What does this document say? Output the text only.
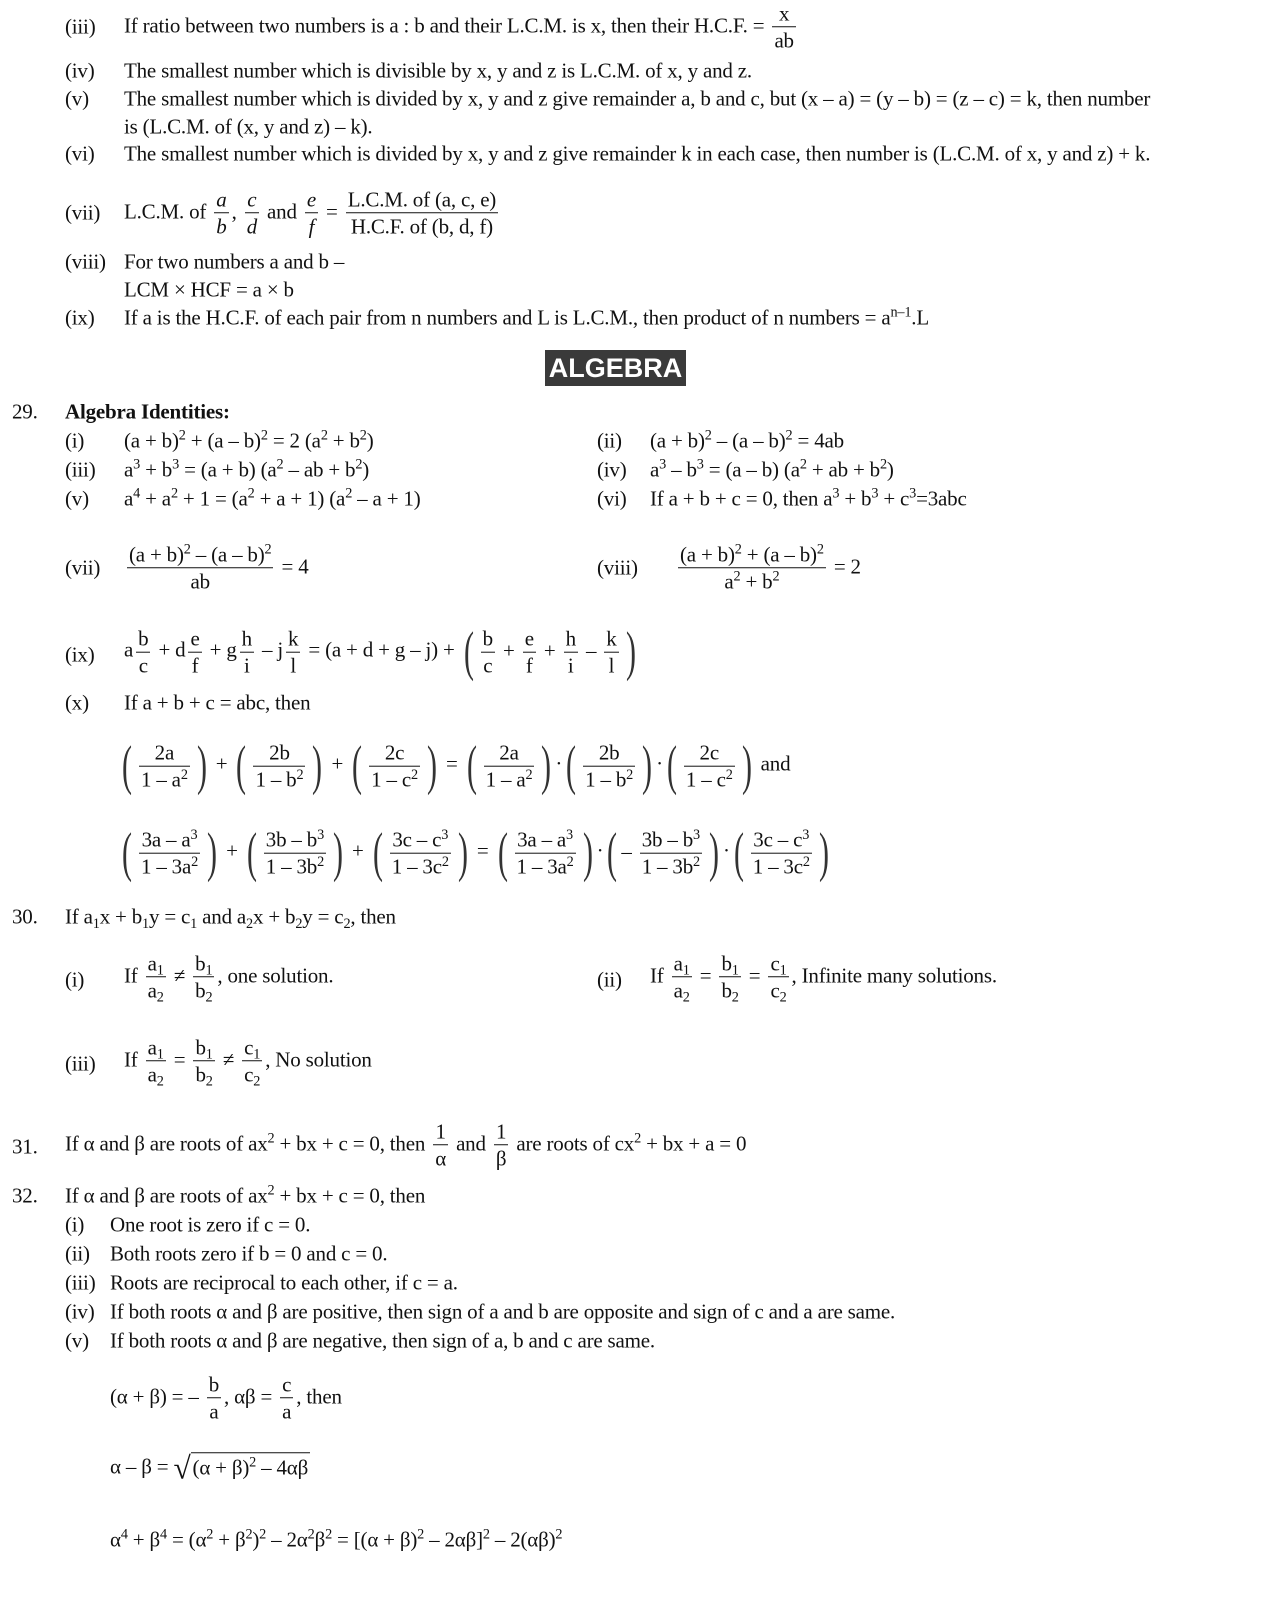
(iii) If ratio between two numbers is a : b and their L.C.M. is x, then their H.C.F. = $\frac{x}{ab}$
(iv) The smallest number which is divisible by x, y and z is L.C.M. of x, y and z.
(v) The smallest number which is divided by x, y and z give remainder a, b and c, but (x – a) = (y – b) = (z – c) = k, then number
is (L.C.M. of (x, y and z) – k).
(vi) The smallest number which is divided by x, y and z give remainder k in each case, then number is (L.C.M. of x, y and z) + k.
(vii) L.C.M. of $\frac{a}{b}$ , $\frac{c}{d}$ and $\frac{e}{f} = \frac{L.C.M. of (a, c, e)}{H.C.F. of (b, d, f)}$
(viii) For two numbers a and b –
LCM × HCF = a × b
(ix) If a is the H.C.F. of each pair from n numbers and L is L.C.M., then product of n numbers = $a^{n-1}.L$
ALGEBRA
29. Algebra Identities:
(i) $(a + b)^2 + (a - b)^2 = 2$ $(a^2 + b^2)$	(ii) $(a + b)^2 - (a - b)^2 = 4ab$
(iii) $a^3 + b^3 = (a + b)$ ($a^2$ – ab + $b^2$)	(iv) $a^3 - b^3 = (a - b) (a^2$ + ab + $b^2$)
(v) $a^4 + a^2 + 1 = (a^2 + a + 1)$ $(a^2 - a + 1)$	(vi) If a + b + c = 0, then $a^3 + b^3 + c^3=3abc$
$(vii) \frac{(a + b)^2 - (a - b)^2}{ab} = 4$	(viii) $\frac{(a + b)^2 + (a - b)^2}{a^2 + b^2} = 2$
(ix) a $\frac{b}{c} + d \frac{e}{f} + g \frac{h}{i} - j \frac{k}{l} = (a + d + g - j)$ + ( $\frac{b}{c} + \frac{e}{f} + \frac{h}{i} - \frac{k}{l}$ )
(x) If a + b + c = abc, then
( $\frac{2a}{1 - a^2}$ ) + ( $\frac{2b}{1 - b^2}$ ) + ( $\frac{2c}{1 - c^2}$ ) = ( $\frac{2a}{1 - a^2}$ ) · ( $\frac{2b}{1 - b^2}$ ) · ( $\frac{2c}{1 - c^2}$ ) and
( $\frac{3a - a^3}{1 - 3a^2}$ ) + ( $\frac{3b - b^3}{1 - 3b^2}$ ) + ( $\frac{3c - c^3}{1 - 3c^2}$ ) = ( $\frac{3a - a^3}{1 - 3a^2}$ ) · ( – $\frac{3b - b^3}{1 - 3b^2}$ ) · ( $\frac{3c - c^3}{1 - 3c^2}$ )
30. If $a_1x + b_1y = c_1$ and $a_2x + b_2y = c_2$, then
(i) If $\frac{a_1}{a_2} \ne \frac{b_1}{b_2}$ , one solution.	(ii) If $\frac{a_1}{a_2} = \frac{b_1}{b_2} = \frac{c_1}{c_2}$ , Infinite many solutions.
(iii) If $\frac{a_1}{a_2} = \frac{b_1}{b_2} \ne \frac{c_1}{c_2}$ , No solution
31. If α and β are roots of $ax^2$ + bx + c = 0, then $\frac{1}{\alpha}$ and $\frac{1}{\beta}$ are roots of $cx^2$ + bx + a = 0
32. If α and β are roots of $ax^2$ + bx + c = 0, then
(i) One root is zero if c = 0.
(ii) Both roots zero if b = 0 and c = 0.
(iii) Roots are reciprocal to each other, if c = a.
(iv) If both roots α and β are positive, then sign of a and b are opposite and sign of c and a are same.
(v) If both roots α and β are negative, then sign of a, b and c are same.
(α + β) = – $\frac{b}{a}$ , $\alpha\beta = \frac{c}{a}$ , then
α – β = √ $(\alpha + \beta)^2 - 4\alpha\beta$
$\alpha^4 + \beta^4 = (\alpha^2 + \beta^2)^2 - 2\alpha^2\beta^2 = [(\alpha + \beta)^2 - 2\alpha\beta]^2 - 2(\alpha\beta)^2$
